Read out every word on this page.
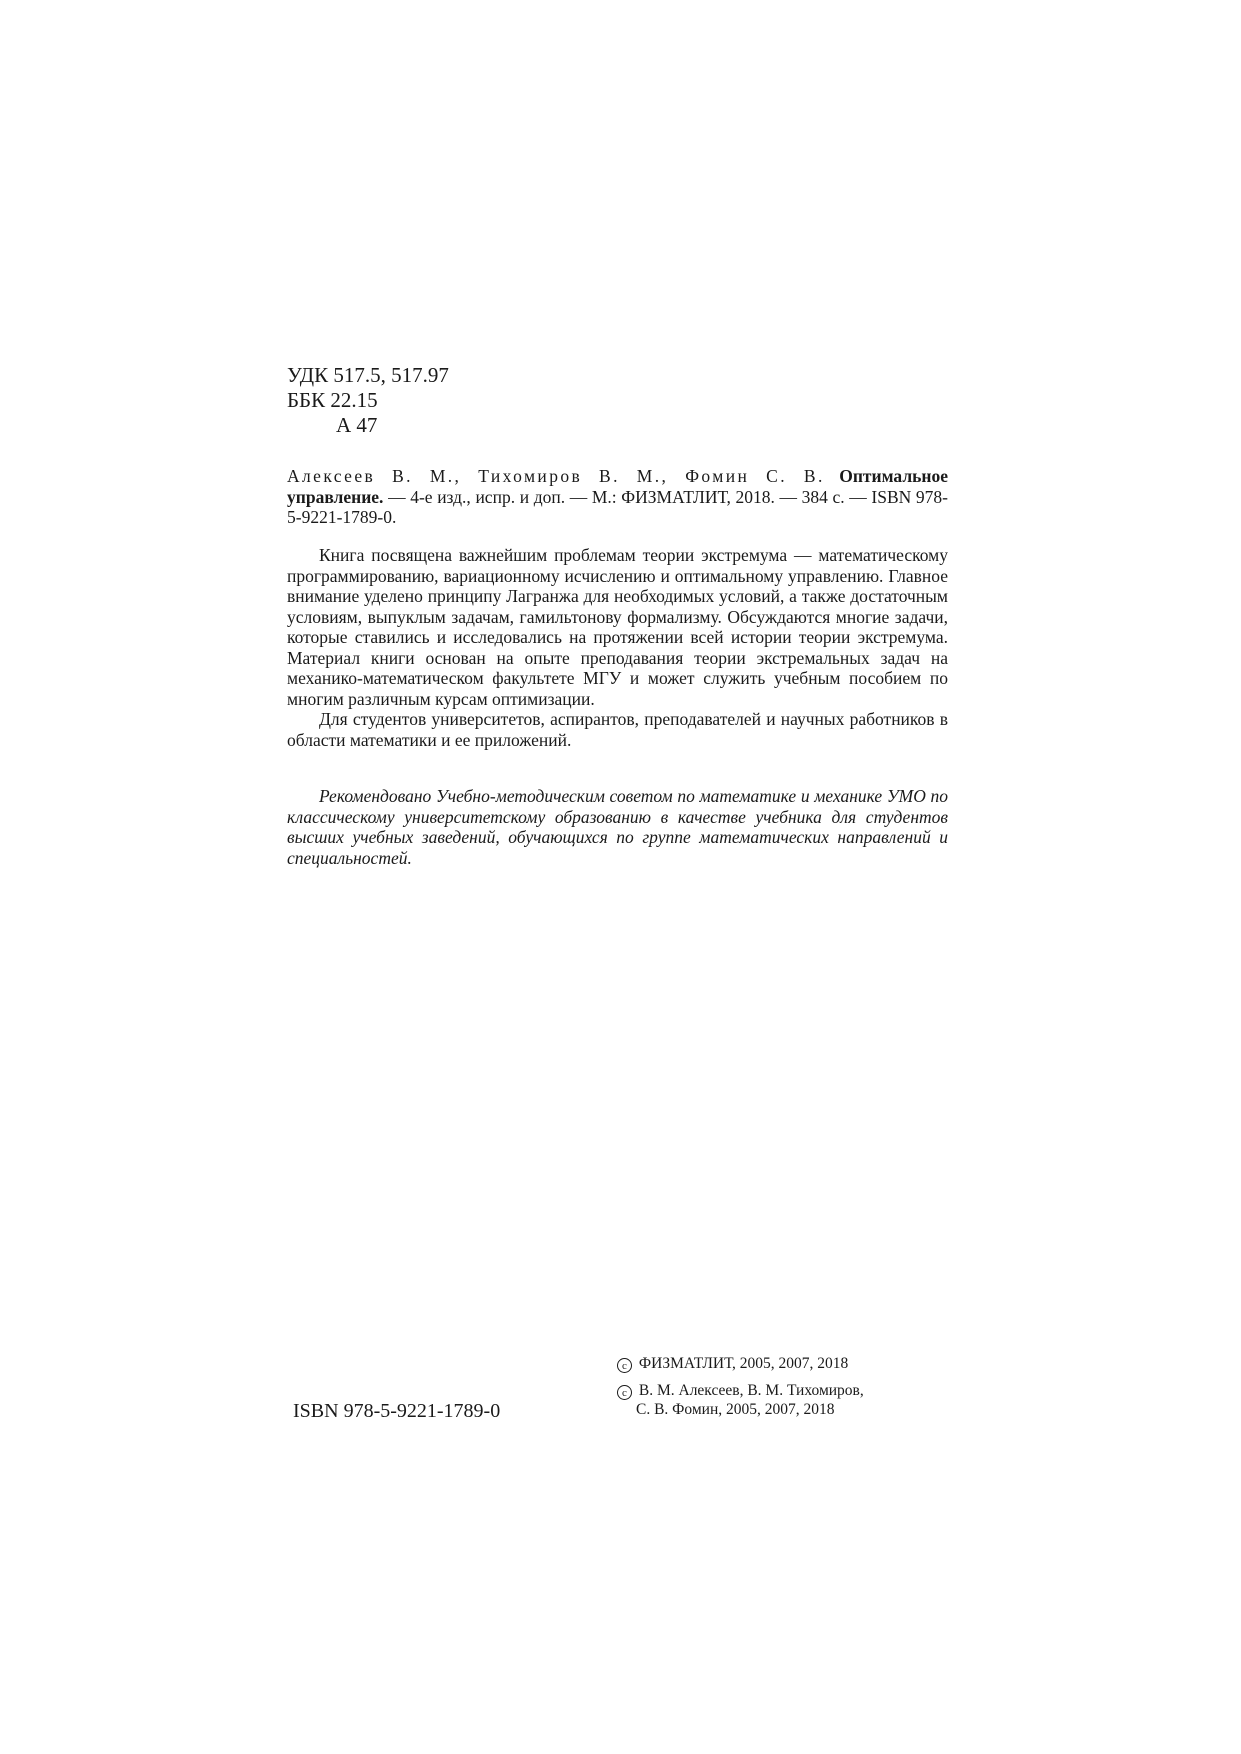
УДК 517.5, 517.97
ББК 22.15
А 47
Алексеев В. М., Тихомиров В. М., Фомин С. В. Оптимальное управление. — 4-е изд., испр. и доп. — М.: ФИЗМАТЛИТ, 2018. — 384 с. — ISBN 978-5-9221-1789-0.

Книга посвящена важнейшим проблемам теории экстремума — математическому программированию, вариационному исчислению и оптимальному управлению. Главное внимание уделено принципу Лагранжа для необходимых условий, а также достаточным условиям, выпуклым задачам, гамильтонову формализму. Обсуждаются многие задачи, которые ставились и исследовались на протяжении всей истории теории экстремума. Материал книги основан на опыте преподавания теории экстремальных задач на механико-математическом факультете МГУ и может служить учебным пособием по многим различным курсам оптимизации.

Для студентов университетов, аспирантов, преподавателей и научных работников в области математики и ее приложений.

Рекомендовано Учебно-методическим советом по математике и механике УМО по классическому университетскому образованию в качестве учебника для студентов высших учебных заведений, обучающихся по группе математических направлений и специальностей.

ISBN 978-5-9221-1789-0
c ФИЗМАТЛИТ, 2005, 2007, 2018
c В. М. Алексеев, В. М. Тихомиров,
С. В. Фомин, 2005, 2007, 2018
